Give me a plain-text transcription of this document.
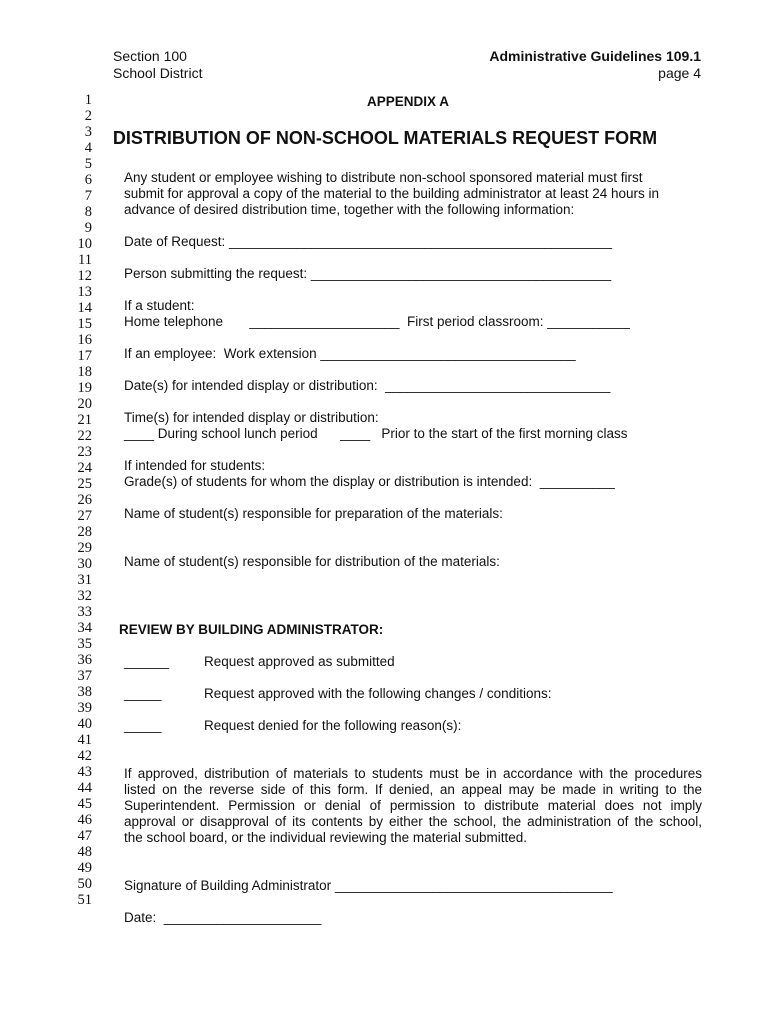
Section 100
School District
Administrative Guidelines 109.1
page 4
1
2
3
4
5
6
7
8
9
10
11
12
13
14
15
16
17
18
19
20
21
22
23
24
25
26
27
28
29
30
31
32
33
34
35
36
37
38
39
40
41
42
43
44
45
46
47
48
49
50
51
APPENDIX A
DISTRIBUTION OF NON-SCHOOL MATERIALS REQUEST FORM
Any student or employee wishing to distribute non-school sponsored material must first
submit for approval a copy of the material to the building administrator at least 24 hours in
advance of desired distribution time, together with the following information:
Date of Request: ___________________________________________________
Person submitting the request: ________________________________________
If a student:
Home telephone       ____________________  First period classroom: ___________
If an employee:  Work extension __________________________________
Date(s) for intended display or distribution:  ______________________________
Time(s) for intended display or distribution:
____ During school lunch period      ____   Prior to the start of the first morning class
If intended for students:
Grade(s) of students for whom the display or distribution is intended:  __________
Name of student(s) responsible for preparation of the materials:
Name of student(s) responsible for distribution of the materials:
REVIEW BY BUILDING ADMINISTRATOR:
______	Request approved as submitted
_____	Request approved with the following changes / conditions:
_____	Request denied for the following reason(s):
If approved, distribution of materials to students must be in accordance with the procedures
listed on the reverse side of this form. If denied, an appeal may be made in writing to the
Superintendent. Permission or denial of permission to distribute material does not imply
approval or disapproval of its contents by either the school, the administration of the school,
the school board, or the individual reviewing the material submitted.
Signature of Building Administrator _____________________________________
Date:  _____________________
